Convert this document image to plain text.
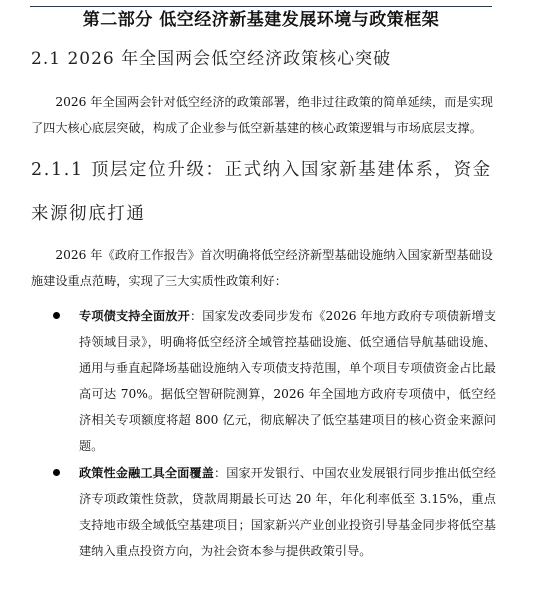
第二部分 低空经济新基建发展环境与政策框架
2.1 2026 年全国两会低空经济政策核心突破
2026 年全国两会针对低空经济的政策部署，绝非过往政策的简单延续，而是实现了四大核心底层突破，构成了企业参与低空新基建的核心政策逻辑与市场底层支撑。
2.1.1 顶层定位升级：正式纳入国家新基建体系，资金来源彻底打通
2026 年《政府工作报告》首次明确将低空经济新型基础设施纳入国家新型基础设施建设重点范畴，实现了三大实质性政策利好：
专项债支持全面放开：国家发改委同步发布《2026 年地方政府专项债新增支持领域目录》，明确将低空经济全域管控基础设施、低空通信导航基础设施、通用与垂直起降场基础设施纳入专项债支持范围，单个项目专项债资金占比最高可达 70%。据低空智研院测算，2026 年全国地方政府专项债中，低空经济相关专项额度将超 800 亿元，彻底解决了低空基建项目的核心资金来源问题。
政策性金融工具全面覆盖：国家开发银行、中国农业发展银行同步推出低空经济专项政策性贷款，贷款周期最长可达 20 年，年化利率低至 3.15%，重点支持地市级全域低空基建项目；国家新兴产业创业投资引导基金同步将低空基建纳入重点投资方向，为社会资本参与提供政策引导。
